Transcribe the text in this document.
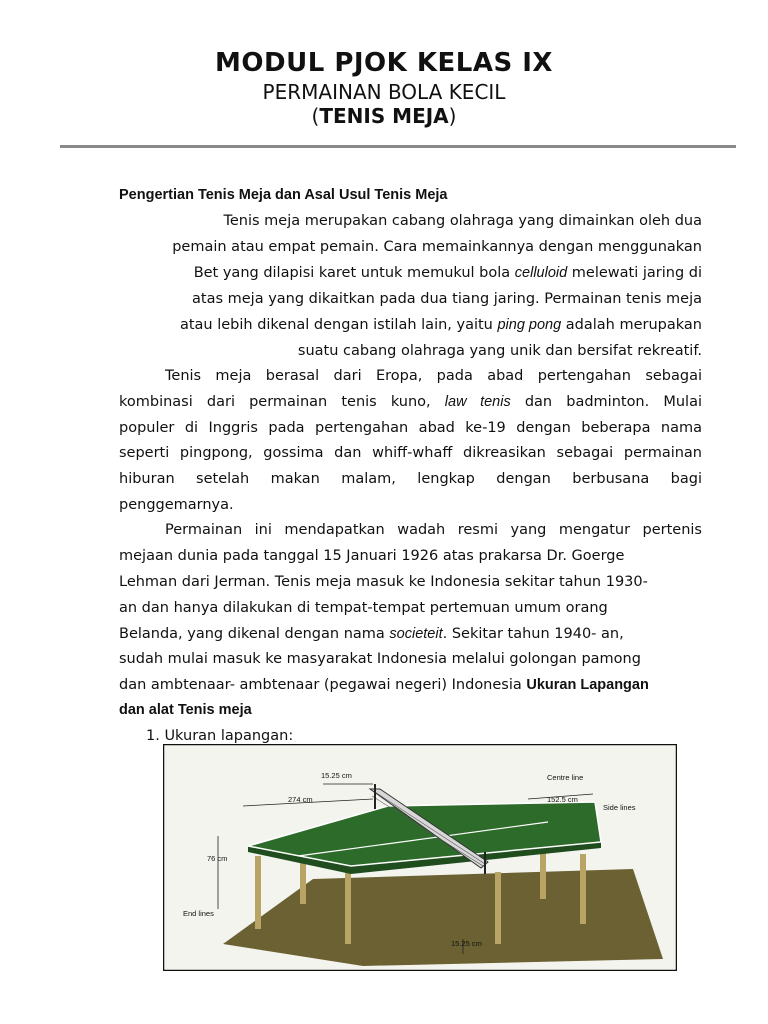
MODUL PJOK KELAS IX
PERMAINAN BOLA KECIL
(TENIS MEJA)
Pengertian Tenis Meja dan Asal Usul Tenis Meja
Tenis meja merupakan cabang olahraga yang dimainkan oleh dua
pemain atau empat pemain. Cara memainkannya dengan menggunakan
Bet yang dilapisi karet untuk memukul bola celluloid melewati jaring di
atas meja yang dikaitkan pada dua tiang jaring. Permainan tenis meja
atau lebih dikenal dengan istilah lain, yaitu ping pong adalah merupakan
suatu cabang olahraga yang unik dan bersifat rekreatif.
Tenis meja berasal dari Eropa, pada abad pertengahan sebagai
kombinasi dari permainan tenis kuno, law tenis dan badminton. Mulai
populer di Inggris pada pertengahan abad ke-19 dengan beberapa nama
seperti pingpong, gossima dan whiff-whaff dikreasikan sebagai permainan
hiburan setelah makan malam, lengkap dengan berbusana bagi
penggemarnya.
Permainan ini mendapatkan wadah resmi yang mengatur pertenis
mejaan dunia pada tanggal 15 Januari 1926 atas prakarsa Dr. Goerge
Lehman dari Jerman. Tenis meja masuk ke Indonesia sekitar tahun 1930-
an dan hanya dilakukan di tempat-tempat pertemuan umum orang
Belanda, yang dikenal dengan nama societeit. Sekitar tahun 1940- an,
sudah mulai masuk ke masyarakat Indonesia melalui golongan pamong
dan ambtenaar- ambtenaar (pegawai negeri) Indonesia Ukuran Lapangan
dan alat Tenis meja
1. Ukuran lapangan:
15.25 cm
274 cm
Centre line
152.5 cm
Side lines
76 cm
End lines
15.25 cm
